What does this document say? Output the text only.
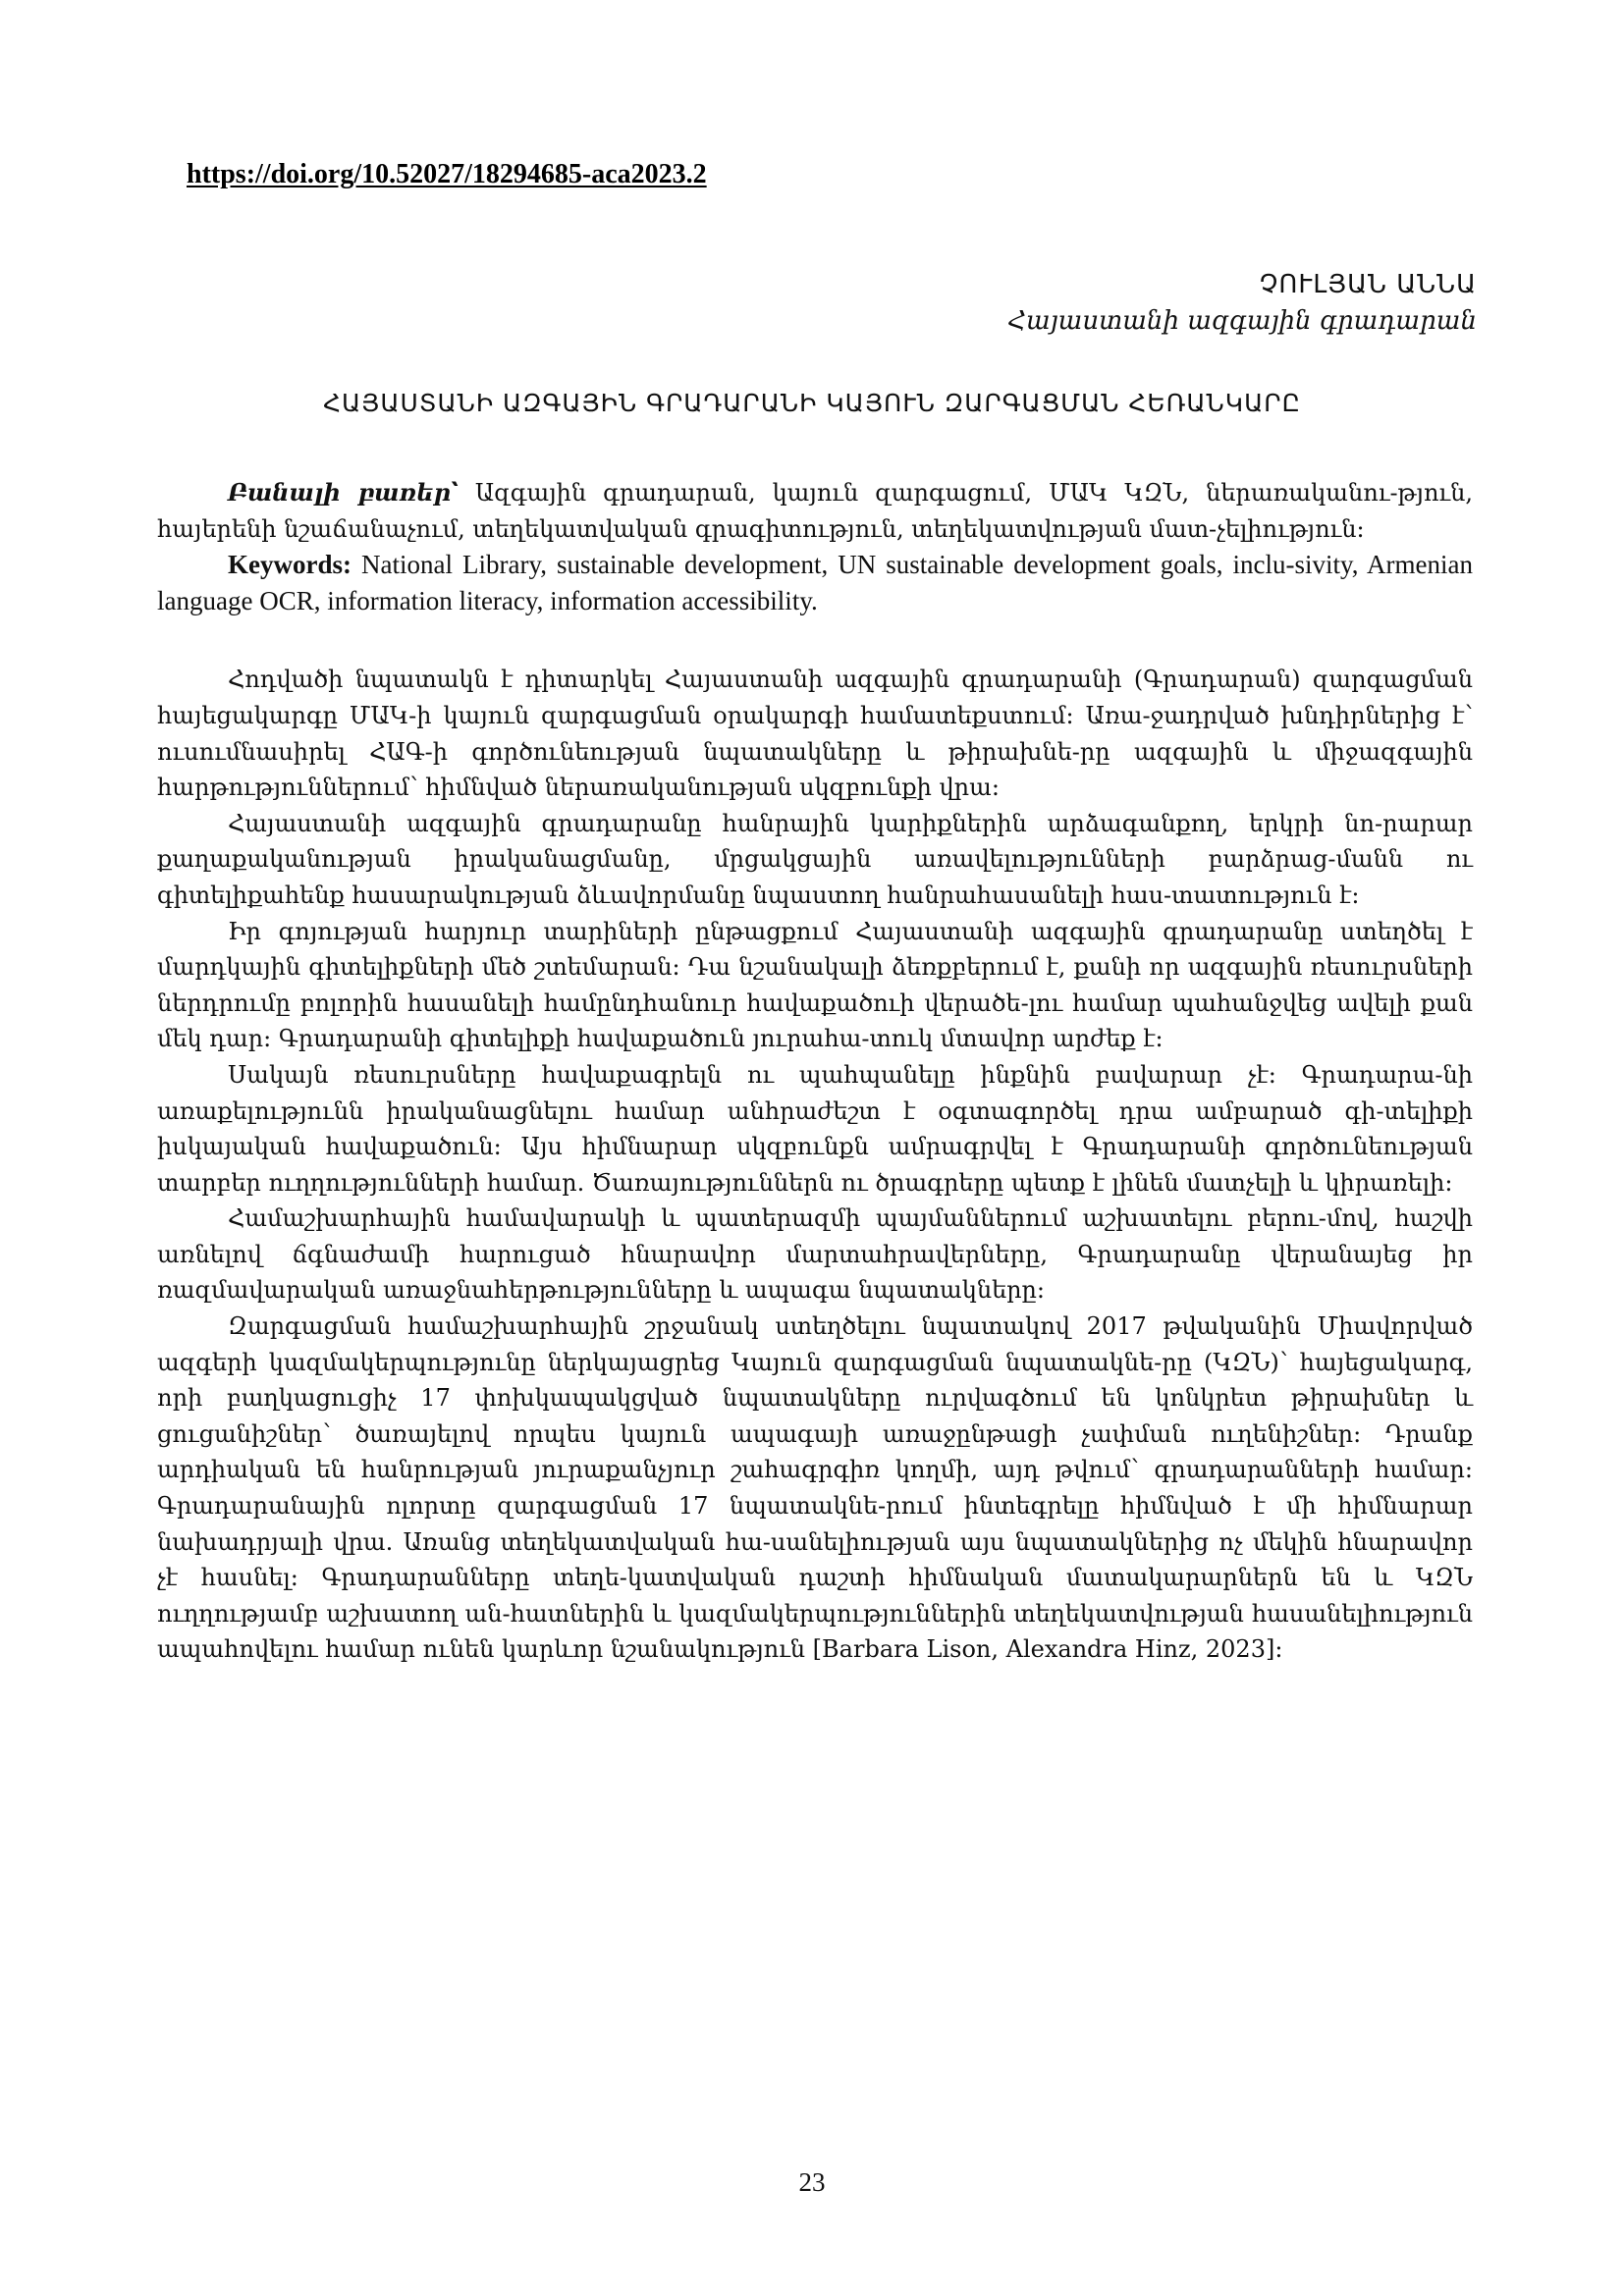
https://doi.org/10.52027/18294685-aca2023.2
ՉՈՒԼՅԱՆ ԱՆՆԱ
Հայաստանի ազգային գրադարան
ՀԱՅԱՍՏԱՆԻ ԱԶԳԱՅԻՆ ԳՐԱԴԱՐԱՆԻ ԿԱՅՈՒՆ ԶԱՐԳԱՑՄԱՆ ՀԵՌԱՆԿԱՐԸ

Բանալի բառեր՝ Ազգային գրադարան, կայուն զարգացում, ՄԱԿ ԿԶՆ, ներառականու-թյուն, հայերենի նշաճանաչում, տեղեկատվական գրագիտություն, տեղեկատվության մատ-չելիություն։

Keywords: National Library, sustainable development, UN sustainable development goals, inclu-sivity, Armenian language OCR, information literacy, information accessibility.

Հոդվածի նպատակն է դիտարկել Հայաստանի ազգային գրադարանի (Գրադարան) զարգացման հայեցակարգը ՄԱԿ-ի կայուն զարգացման օրակարգի համատեքստում։ Առա-ջադրված խնդիրներից է՝ ուսումնասիրել ՀԱԳ-ի գործունեության նպատակները և թիրախնե-րը ազգային և միջազգային հարթություններում՝ հիմնված ներառականության սկզբունքի վրա։

Հայաստանի ազգային գրադարանը հանրային կարիքներին արձագանքող, երկրի նո-րարար քաղաքականության իրականացմանը, մրցակցային առավելությունների բարձրաց-մանն ու գիտելիքահենք հասարակության ձևավորմանը նպաստող հանրահասանելի հաս-տատություն է։

Իր գոյության հարյուր տարիների ընթացքում Հայաստանի ազգային գրադարանը ստեղծել է մարդկային գիտելիքների մեծ շտեմարան։ Դա նշանակալի ձեռքբերում է, քանի որ ազգային ռեսուրսների ներդրումը բոլորին հասանելի համընդհանուր հավաքածուի վերածե-լու համար պահանջվեց ավելի քան մեկ դար։ Գրադարանի գիտելիքի հավաքածուն յուրահա-տուկ մտավոր արժեք է։

Սակայն ռեսուրսները հավաքագրելն ու պահպանելը ինքնին բավարար չէ։ Գրադարա-նի առաքելությունն իրականացնելու համար անհրաժեշտ է օգտագործել դրա ամբարած գի-տելիքի իսկայական հավաքածուն։ Այս հիմնարար սկզբունքն ամրագրվել է Գրադարանի գործունեության տարբեր ուղղությունների համար. Ծառայություններն ու ծրագրերը պետք է լինեն մատչելի և կիրառելի։

Համաշխարհային համավարակի և պատերազմի պայմաններում աշխատելու բերու-մով, հաշվի առնելով ճգնաժամի հարուցած հնարավոր մարտահրավերները, Գրադարանը վերանայեց իր ռազմավարական առաջնահերթությունները և ապագա նպատակները։

Զարգացման համաշխարհային շրջանակ ստեղծելու նպատակով 2017 թվականին Միավորված ազգերի կազմակերպությունը ներկայացրեց Կայուն զարգացման նպատակնե-րը (ԿԶՆ)՝ հայեցակարգ, որի բաղկացուցիչ 17 փոխկապակցված նպատակները ուրվագծում են կոնկրետ թիրախներ և ցուցանիշներ՝ ծառայելով որպես կայուն ապագայի առաջընթացի չափման ուղենիշներ։ Դրանք արդիական են հանրության յուրաքանչյուր շահագրգիռ կողմի, այդ թվում՝ գրադարանների համար։ Գրադարանային ոլորտը զարգացման 17 նպատակնե-րում ինտեգրելը հիմնված է մի հիմնարար նախադրյալի վրա. Առանց տեղեկատվական հա-սանելիության այս նպատակներից ոչ մեկին հնարավոր չէ հասնել։ Գրադարանները տեղե-կատվական դաշտի հիմնական մատակարարներն են և ԿԶՆ ուղղությամբ աշխատող ան-հատներին և կազմակերպություններին տեղեկատվության հասանելիություն ապահովելու համար ունեն կարևոր նշանակություն [Barbara Lison, Alexandra Hinz, 2023]։

23
